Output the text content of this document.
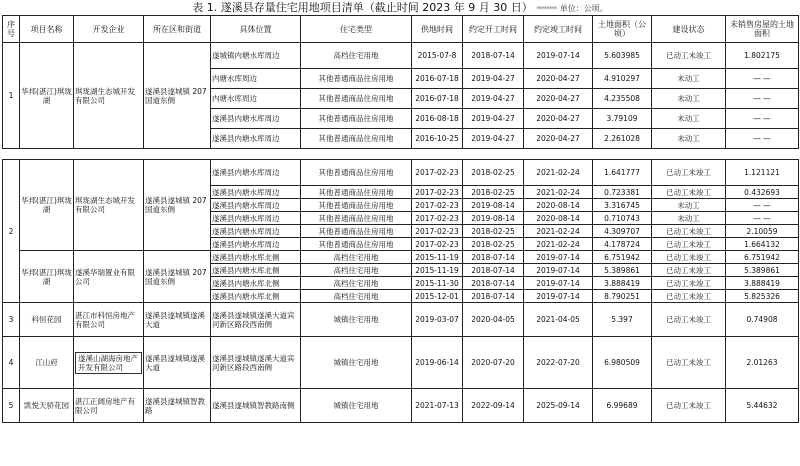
表 1. 遂溪县存量住宅用地项目清单（截止时间 2023 年 9 月 30 日） ******** 单位：公顷。
序号	项目名称	开发企业	所在区和街道	具体位置	住宅类型	供地时间	约定开工时间	约定竣工时间	土地面积（公顷）	建设状态	未销售房屋的土地面积
1	华邦(湛江)琪珑湖	琪珑湖生态城开发有限公司	遂溪县遂城镇 207 国道东侧	遂城镇内塘水库周边	高档住宅用地	2015-07-8	2018-07-14	2019-07-14	5.603985	已动工未竣工	1.802175
				内塘水库周边	其他普通商品住房用地	2016-07-18	2019-04-27	2020-04-27	4.910297	未动工	— —
				内塘水库周边	其他普通商品住房用地	2016-07-18	2019-04-27	2020-04-27	4.235508	未动工	— —
				遂溪县内塘水库周边	其他普通商品住房用地	2016-08-18	2019-04-27	2020-04-27	3.79109	未动工	— —
				遂溪县内塘水库周边	其他普通商品住房用地	2016-10-25	2019-04-27	2020-04-27	2.261028	未动工	— —

2	华邦(湛江)琪珑湖	琪珑湖生态城开发有限公司	遂溪县遂城镇 207 国道东侧	遂溪县内塘水库周边	其他普通商品住房用地	2017-02-23	2018-02-25	2021-02-24	1.641777	已动工未竣工	1.121121
				遂溪县内塘水库周边	其他普通商品住房用地	2017-02-23	2018-02-25	2021-02-24	0.723381	已动工未竣工	0.432693
				遂溪县内塘水库周边	其他普通商品住房用地	2017-02-23	2019-08-14	2020-08-14	3.316745	未动工	— —
				遂溪县内塘水库周边	其他普通商品住房用地	2017-02-23	2019-08-14	2020-08-14	0.710743	未动工	— —
				遂溪县内塘水库周边	其他普通商品住房用地	2017-02-23	2018-02-25	2021-02-24	4.309707	已动工未竣工	2.10059
				遂溪县内塘水库周边	其他普通商品住房用地	2017-02-23	2018-02-25	2021-02-24	4.178724	已动工未竣工	1.664132
	华邦(湛江)琪珑湖	遂溪华瑞置业有限公司	遂溪县遂城镇 207 国道东侧	遂溪县内塘水库北侧	高档住宅用地	2015-11-19	2018-07-14	2019-07-14	6.751942	已动工未竣工	6.751942
				遂溪县内塘水库北侧	高档住宅用地	2015-11-19	2018-07-14	2019-07-14	5.389861	已动工未竣工	5.389861
				遂溪县内塘水库北侧	高档住宅用地	2015-11-30	2018-07-14	2019-07-14	3.888419	已动工未竣工	3.888419
				遂溪县内塘水库北侧	高档住宅用地	2015-12-01	2018-07-14	2019-07-14	8.790251	已动工未竣工	5.825326
3	科恒花园	湛江市科恒房地产有限公司	遂溪县遂城镇遂溪大道	遂溪县遂城镇遂溪大道宾河新区路段西南侧	城镇住宅用地	2019-03-07	2020-04-05	2021-04-05	5.397	已动工未竣工	0.74908
4	江山府	遂溪山湖海房地产开发有限公司	遂溪县遂城镇遂溪大道	遂溪县遂城镇遂溪大道宾河新区路段西南侧	城镇住宅用地	2019-06-14	2020-07-20	2022-07-20	6.980509	已动工未竣工	2.01263
5	凯悦天骄花园	湛江正阔房地产有限公司	遂溪县遂城镇智教路	遂溪县遂城镇智教路南侧	城镇住宅用地	2021-07-13	2022-09-14	2025-09-14	6.99689	已动工未竣工	5.44632
